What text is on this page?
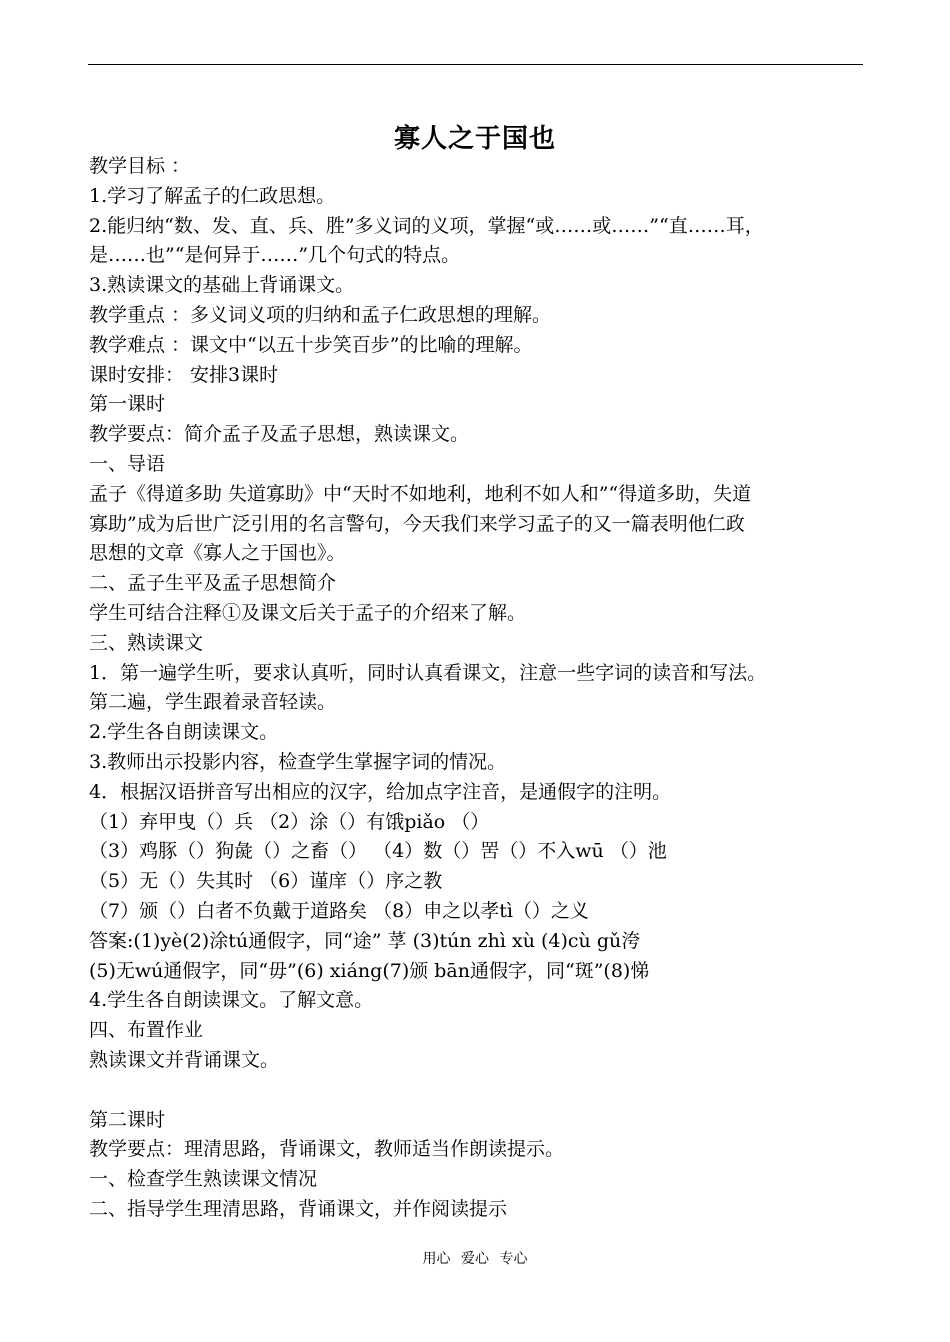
寡人之于国也
教学目标 ：
1.学习了解孟子的仁政思想。
2.能归纳“数、发、直、兵、胜”多义词的义项，掌握“或……或……”“直……耳，
是……也”“是何异于……”几个句式的特点。
3.熟读课文的基础上背诵课文。
教学重点 ：多义词义项的归纳和孟子仁政思想的理解。
教学难点 ：课文中“以五十步笑百步”的比喻的理解。
课时安排： 安排3课时
第一课时
教学要点：简介孟子及孟子思想，熟读课文。
一、导语
孟子《得道多助 失道寡助》中“天时不如地利，地利不如人和”“得道多助，失道
寡助”成为后世广泛引用的名言警句，今天我们来学习孟子的又一篇表明他仁政
思想的文章《寡人之于国也》。
二、孟子生平及孟子思想简介
学生可结合注释①及课文后关于孟子的介绍来了解。
三、熟读课文
1．第一遍学生听，要求认真听，同时认真看课文，注意一些字词的读音和写法。
第二遍，学生跟着录音轻读。
2.学生各自朗读课文。
3.教师出示投影内容，检查学生掌握字词的情况。
4．根据汉语拼音写出相应的汉字，给加点字注音，是通假字的注明。
（1）弃甲曳（）兵 （2）涂（）有饿piǎo （）
（3）鸡豚（）狗彘（）之畜（） （4）数（）罟（）不入wū （）池
（5）无（）失其时 （6）谨庠（）序之教
（7）颁（）白者不负戴于道路矣 （8）申之以孝tì（）之义
答案:(1)yè(2)涂tú通假字，同“途” 莩 (3)tún zhì xù (4)cù gǔ洿
(5)无wú通假字，同“毋”(6) xiáng(7)颁 bān通假字，同“斑”(8)悌
4.学生各自朗读课文。了解文意。
四、布置作业
熟读课文并背诵课文。
第二课时
教学要点：理清思路，背诵课文，教师适当作朗读提示。
一、检查学生熟读课文情况
二、指导学生理清思路，背诵课文，并作阅读提示
用心 爱心 专心
